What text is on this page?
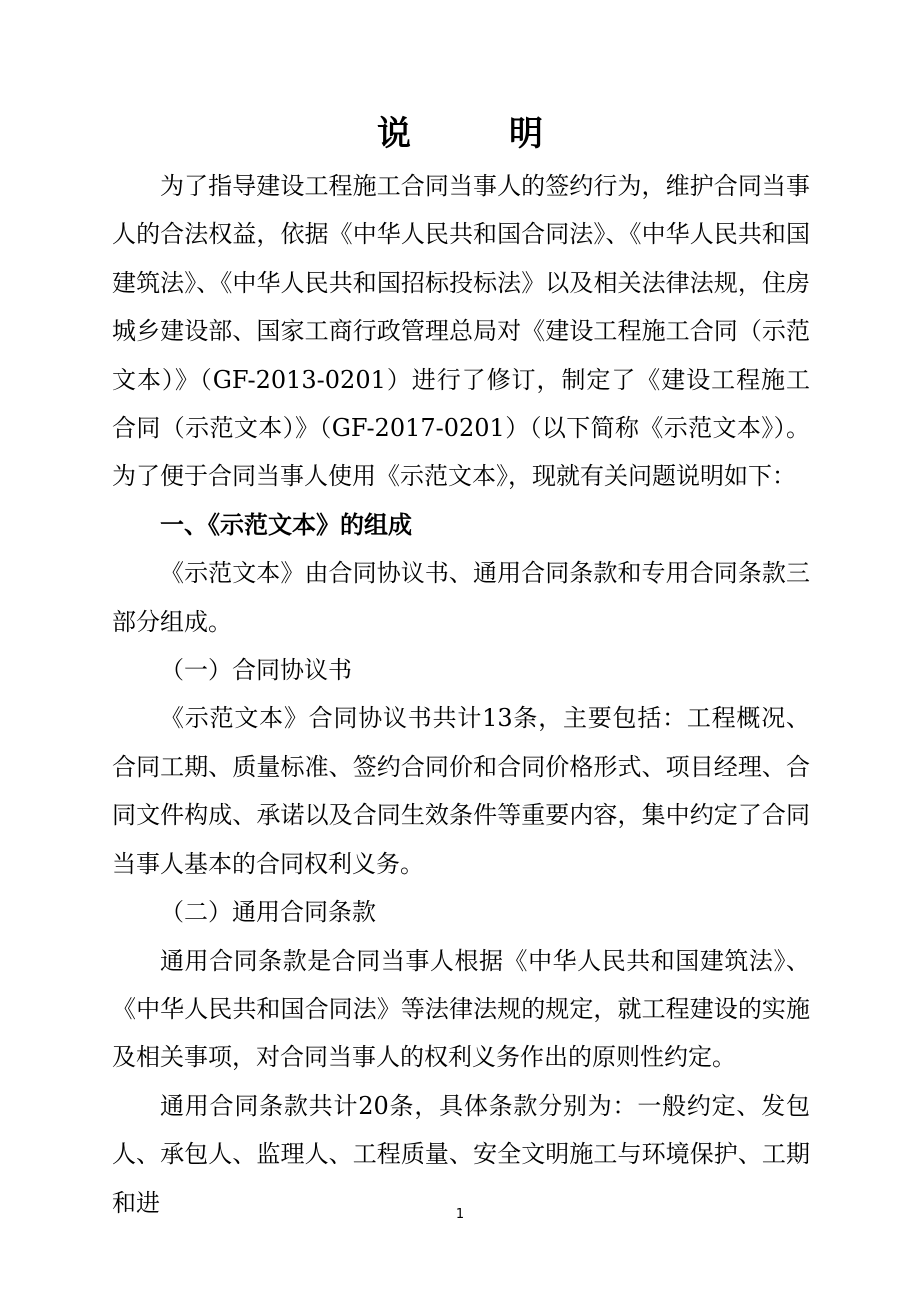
说　明

为了指导建设工程施工合同当事人的签约行为，维护合同当事人的合法权益，依据《中华人民共和国合同法》、《中华人民共和国建筑法》、《中华人民共和国招标投标法》以及相关法律法规，住房城乡建设部、国家工商行政管理总局对《建设工程施工合同（示范文本）》（GF-2013-0201）进行了修订，制定了《建设工程施工合同（示范文本）》（GF-2017-0201）（以下简称《示范文本》）。为了便于合同当事人使用《示范文本》，现就有关问题说明如下：

一、《示范文本》的组成

《示范文本》由合同协议书、通用合同条款和专用合同条款三部分组成。

（一）合同协议书

《示范文本》合同协议书共计13条，主要包括：工程概况、合同工期、质量标准、签约合同价和合同价格形式、项目经理、合同文件构成、承诺以及合同生效条件等重要内容，集中约定了合同当事人基本的合同权利义务。

（二）通用合同条款

通用合同条款是合同当事人根据《中华人民共和国建筑法》、《中华人民共和国合同法》等法律法规的规定，就工程建设的实施及相关事项，对合同当事人的权利义务作出的原则性约定。

通用合同条款共计20条，具体条款分别为：一般约定、发包人、承包人、监理人、工程质量、安全文明施工与环境保护、工期和进	1
